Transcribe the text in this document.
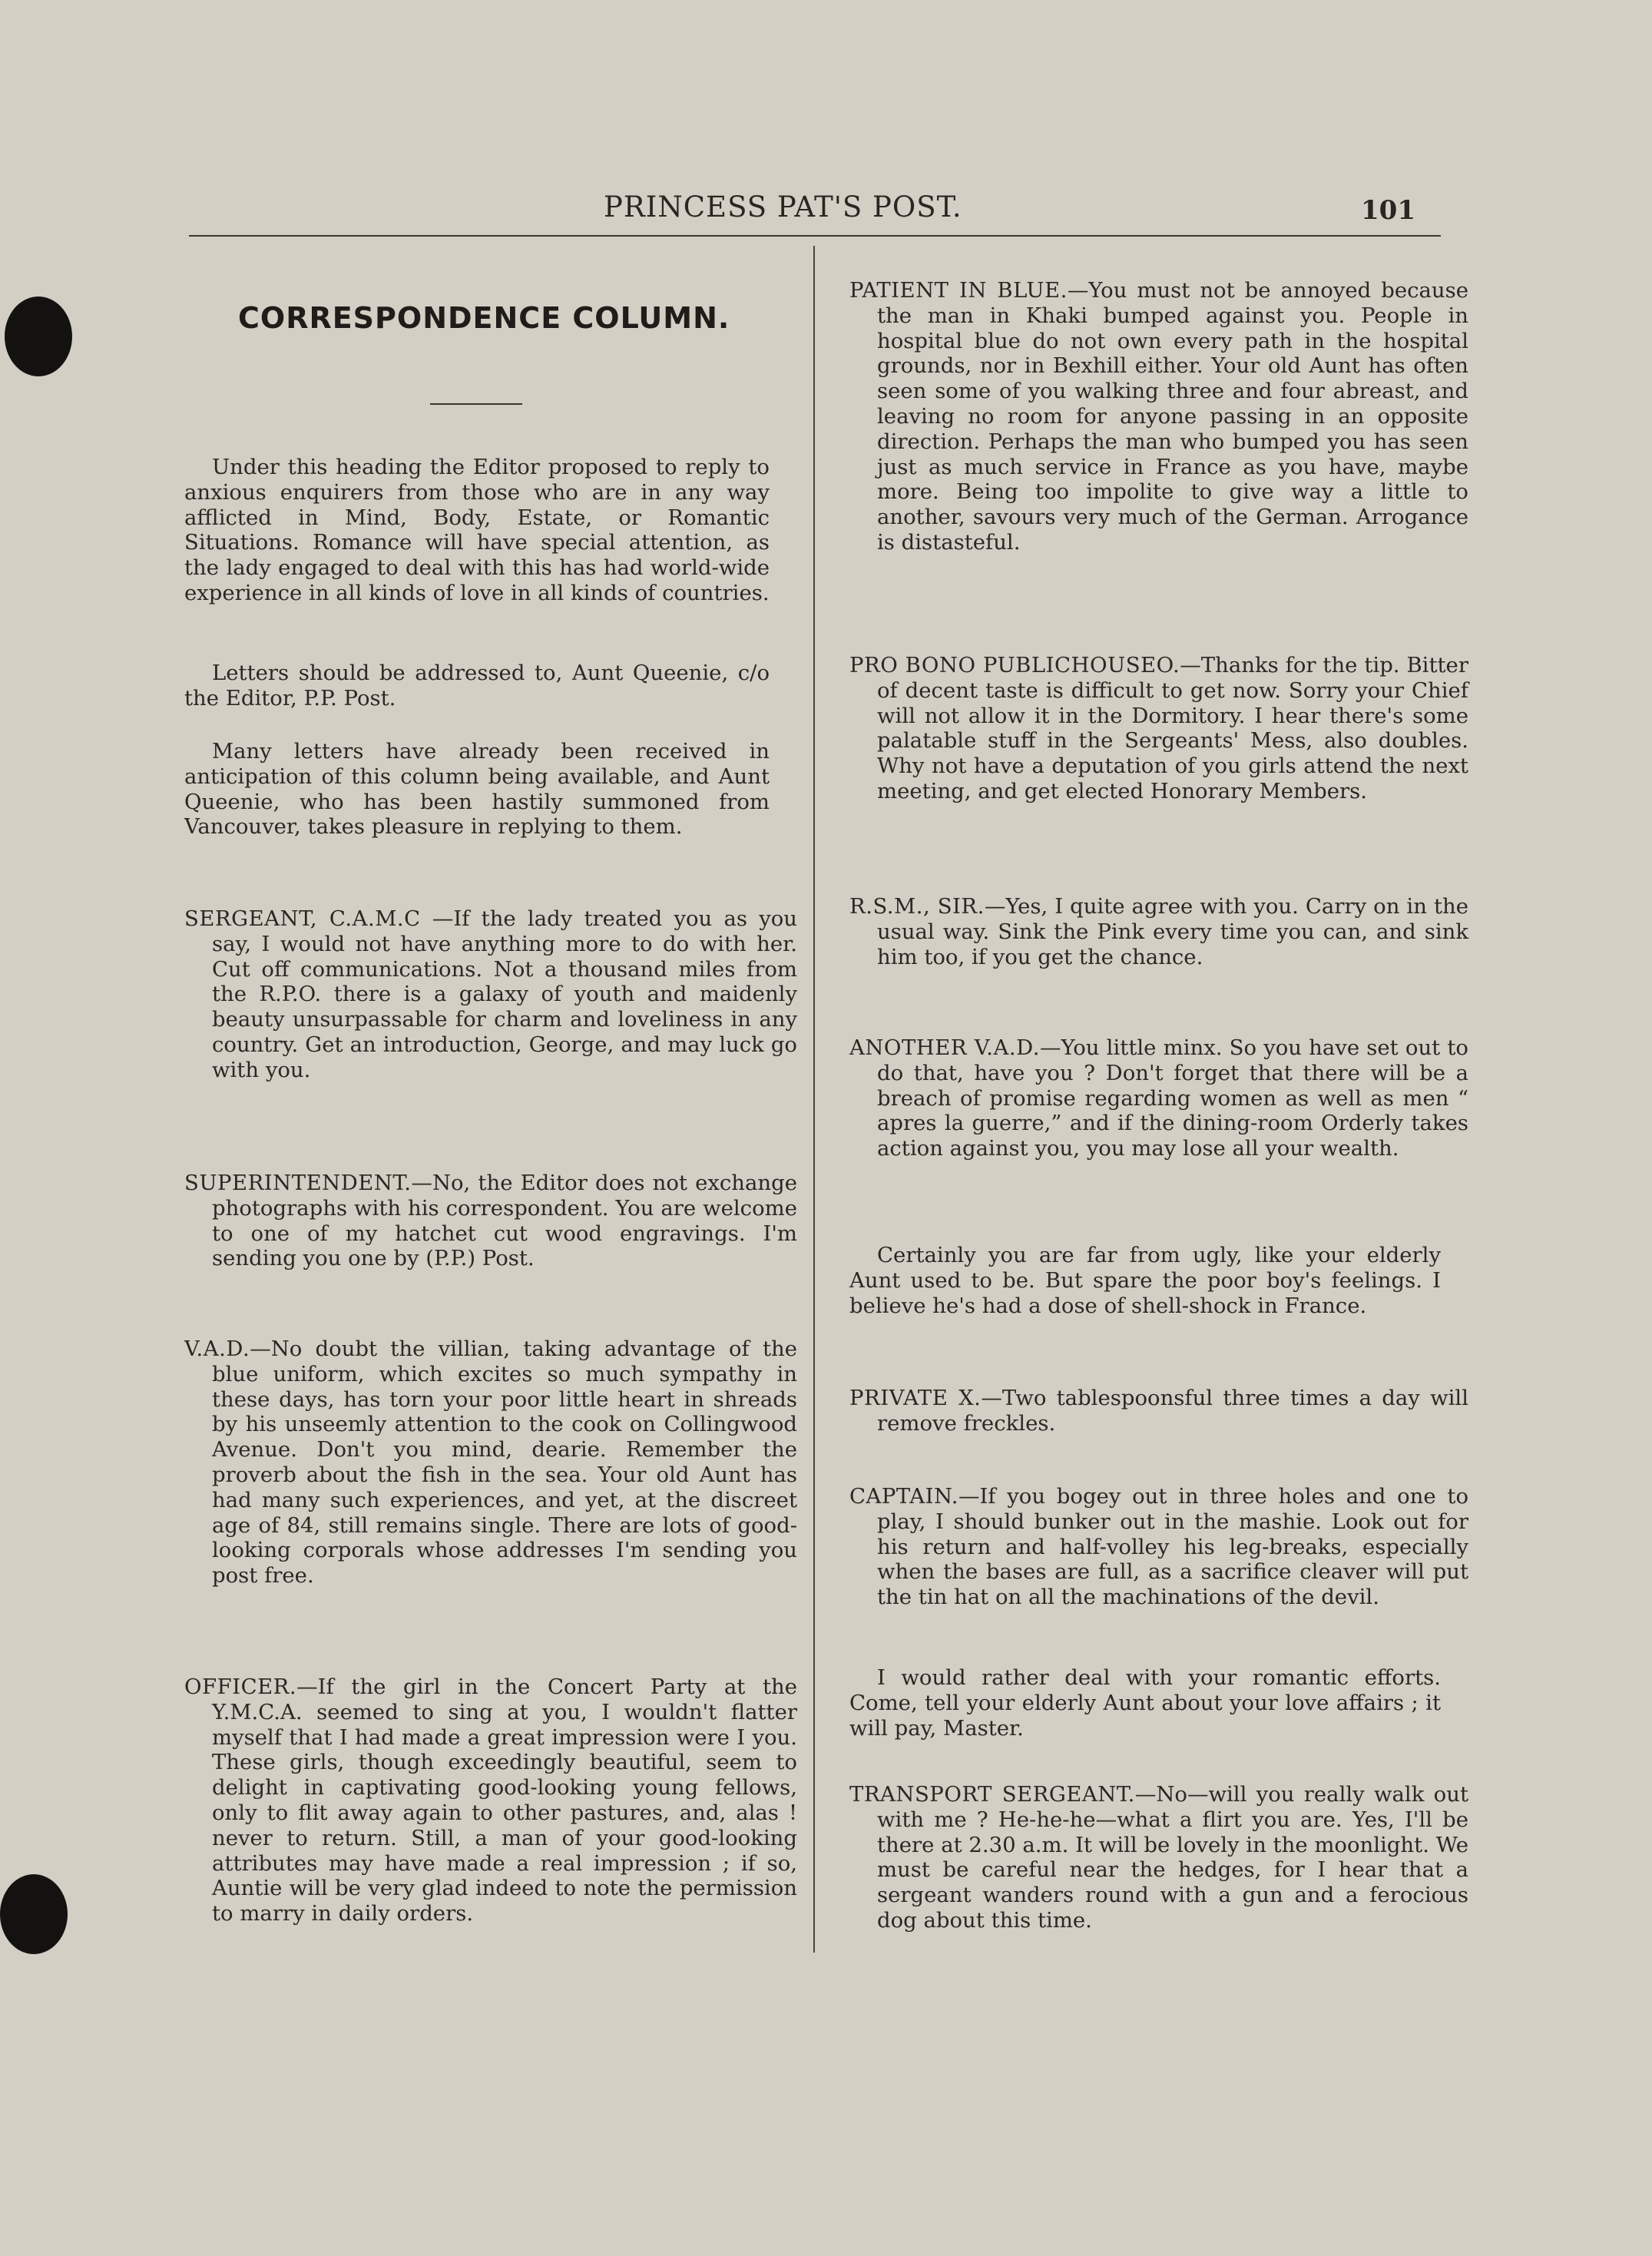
PRINCESS PAT'S POST.	101
CORRESPONDENCE COLUMN.

Under this heading the Editor proposed to reply to anxious enquirers from those who are in any way afflicted in Mind, Body, Estate, or Romantic Situations. Romance will have special attention, as the lady engaged to deal with this has had world-wide experience in all kinds of love in all kinds of countries.

Letters should be addressed to, Aunt Queenie, c/o the Editor, P.P. Post.

Many letters have already been received in anticipation of this column being available, and Aunt Queenie, who has been hastily summoned from Vancouver, takes pleasure in replying to them.

SERGEANT, C.A.M.C —If the lady treated you as you say, I would not have anything more to do with her. Cut off communications. Not a thousand miles from the R.P.O. there is a galaxy of youth and maidenly beauty unsurpassable for charm and loveliness in any country. Get an introduction, George, and may luck go with you.

SUPERINTENDENT.—No, the Editor does not exchange photographs with his correspondent. You are welcome to one of my hatchet cut wood engravings. I'm sending you one by (P.P.) Post.

V.A.D.—No doubt the villian, taking advantage of the blue uniform, which excites so much sympathy in these days, has torn your poor little heart in shreads by his unseemly attention to the cook on Collingwood Avenue. Don't you mind, dearie. Remember the proverb about the fish in the sea. Your old Aunt has had many such experiences, and yet, at the discreet age of 84, still remains single. There are lots of good-looking corporals whose addresses I'm sending you post free.

OFFICER.—If the girl in the Concert Party at the Y.M.C.A. seemed to sing at you, I wouldn't flatter myself that I had made a great impression were I you. These girls, though exceedingly beautiful, seem to delight in captivating good-looking young fellows, only to flit away again to other pastures, and, alas ! never to return. Still, a man of your good-looking attributes may have made a real impression ; if so, Auntie will be very glad indeed to note the permission to marry in daily orders.

PATIENT IN BLUE.—You must not be annoyed because the man in Khaki bumped against you. People in hospital blue do not own every path in the hospital grounds, nor in Bexhill either. Your old Aunt has often seen some of you walking three and four abreast, and leaving no room for anyone passing in an opposite direction. Perhaps the man who bumped you has seen just as much service in France as you have, maybe more. Being too impolite to give way a little to another, savours very much of the German. Arrogance is distasteful.

PRO BONO PUBLICHOUSEO.—Thanks for the tip. Bitter of decent taste is difficult to get now. Sorry your Chief will not allow it in the Dormitory. I hear there's some palatable stuff in the Sergeants' Mess, also doubles. Why not have a deputation of you girls attend the next meeting, and get elected Honorary Members.

R.S.M., SIR.—Yes, I quite agree with you. Carry on in the usual way. Sink the Pink every time you can, and sink him too, if you get the chance.

ANOTHER V.A.D.—You little minx. So you have set out to do that, have you ? Don't forget that there will be a breach of promise regarding women as well as men “ apres la guerre,” and if the dining-room Orderly takes action against you, you may lose all your wealth.

Certainly you are far from ugly, like your elderly Aunt used to be. But spare the poor boy's feelings. I believe he's had a dose of shell-shock in France.

PRIVATE X.—Two tablespoonsful three times a day will remove freckles.

CAPTAIN.—If you bogey out in three holes and one to play, I should bunker out in the mashie. Look out for his return and half-volley his leg-breaks, especially when the bases are full, as a sacrifice cleaver will put the tin hat on all the machinations of the devil.

I would rather deal with your romantic efforts. Come, tell your elderly Aunt about your love affairs ; it will pay, Master.

TRANSPORT SERGEANT.—No—will you really walk out with me ? He-he-he—what a flirt you are. Yes, I'll be there at 2.30 a.m. It will be lovely in the moonlight. We must be careful near the hedges, for I hear that a sergeant wanders round with a gun and a ferocious dog about this time.
